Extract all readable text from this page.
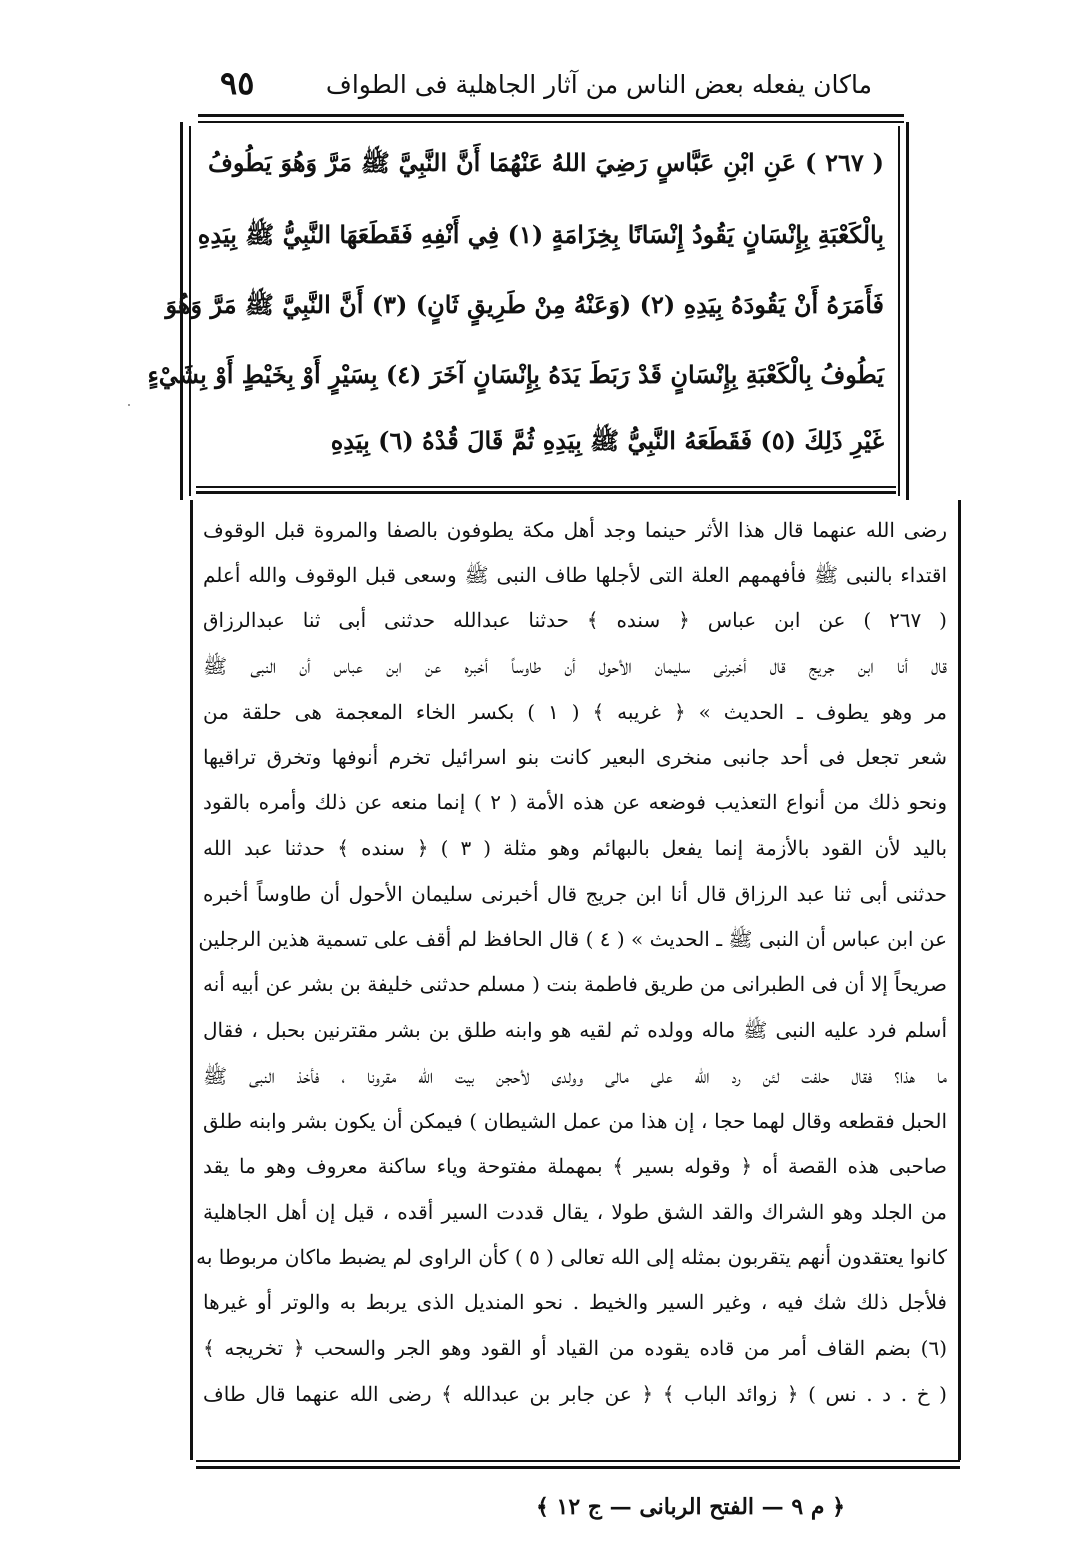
ماكان يفعله بعض الناس من آثار الجاهلية فى الطواف
٩٥
( ٢٦٧ ) عَنِ ابْنِ عَبَّاسٍ رَضِيَ اللهُ عَنْهُمَا أَنَّ النَّبِيَّ ﷺ مَرَّ وَهُوَ يَطُوفُ
بِالْكَعْبَةِ بِإِنْسَانٍ يَقُودُ إِنْسَانًا بِخِزَامَةٍ (١) فِي أَنْفِهِ فَقَطَعَهَا النَّبِيُّ ﷺ بِيَدِهِ
فَأَمَرَهُ أَنْ يَقُودَهُ بِيَدِهِ (٢) (وَعَنْهُ مِنْ طَرِيقٍ ثَانٍ) (٣) أَنَّ النَّبِيَّ ﷺ مَرَّ وَهُوَ
يَطُوفُ بِالْكَعْبَةِ بِإِنْسَانٍ قَدْ رَبَطَ يَدَهُ بِإِنْسَانٍ آخَرَ (٤) بِسَيْرٍ أَوْ بِخَيْطٍ أَوْ بِشَيْءٍ
غَيْرِ ذَلِكَ (٥) فَقَطَعَهُ النَّبِيُّ ﷺ بِيَدِهِ ثُمَّ قَالَ قُدْهُ (٦) بِيَدِهِ
رضى الله عنهما قال هذا الأثر حينما وجد أهل مكة يطوفون بالصفا والمروة قبل الوقوف
اقتداء بالنبى ﷺ فأفهمهم العلة التى لأجلها طاف النبى ﷺ وسعى قبل الوقوف والله أعلم
( ٢٦٧ ) عن ابن عباس ﴿ سنده ﴾ حدثنا عبدالله حدثنى أبى ثنا عبدالرزاق
قال أنا ابن جريج قال أخبرنى سليمان الأحول أن طاوساً أخبره عن ابن عباس أن النبى ﷺ
مر وهو يطوف ـ الحديث » ﴿ غريبه ﴾ ( ١ ) بكسر الخاء المعجمة هى حلقة من
شعر تجعل فى أحد جانبى منخرى البعير كانت بنو اسرائيل تخرم أنوفها وتخرق تراقيها
ونحو ذلك من أنواع التعذيب فوضعه عن هذه الأمة ( ٢ ) إنما منعه عن ذلك وأمره بالقود
باليد لأن القود بالأزمة إنما يفعل بالبهائم وهو مثلة ( ٣ ) ﴿ سنده ﴾ حدثنا عبد الله
حدثنى أبى ثنا عبد الرزاق قال أنا ابن جريج قال أخبرنى سليمان الأحول أن طاوساً أخبره
عن ابن عباس أن النبى ﷺ ـ الحديث » ( ٤ ) قال الحافظ لم أقف على تسمية هذين الرجلين
صريحاً إلا أن فى الطبرانى من طريق فاطمة بنت ( مسلم حدثنى خليفة بن بشر عن أبيه أنه
أسلم فرد عليه النبى ﷺ ماله وولده ثم لقيه هو وابنه طلق بن بشر مقترنين بحبل ، فقال
ما هذا؟ فقال حلفت لئن رد الله على مالى وولدى لأحجن بيت الله مقرونا ، فأخذ النبى ﷺ
الحبل فقطعه وقال لهما حجا ، إن هذا من عمل الشيطان ) فيمكن أن يكون بشر وابنه طلق
صاحبى هذه القصة أه ﴿ وقوله بسير ﴾ بمهملة مفتوحة وياء ساكنة معروف وهو ما يقد
من الجلد وهو الشراك والقد الشق طولا ، يقال قددت السير أقده ، قيل إن أهل الجاهلية
كانوا يعتقدون أنهم يتقربون بمثله إلى الله تعالى ( ٥ ) كأن الراوى لم يضبط ماكان مربوطا به
فلأجل ذلك شك فيه ، وغير السير والخيط . نحو المنديل الذى يربط به والوتر أو غيرها
(٦) بضم القاف أمر من قاده يقوده من القياد أو القود وهو الجر والسحب ﴿ تخريجه ﴾
( خ . د . نس ) ﴿ زوائد الباب ﴾ ﴿ عن جابر بن عبدالله ﴾ رضى الله عنهما قال طاف
﴿ م ٩ — الفتح الربانى — ج ١٢ ﴾
